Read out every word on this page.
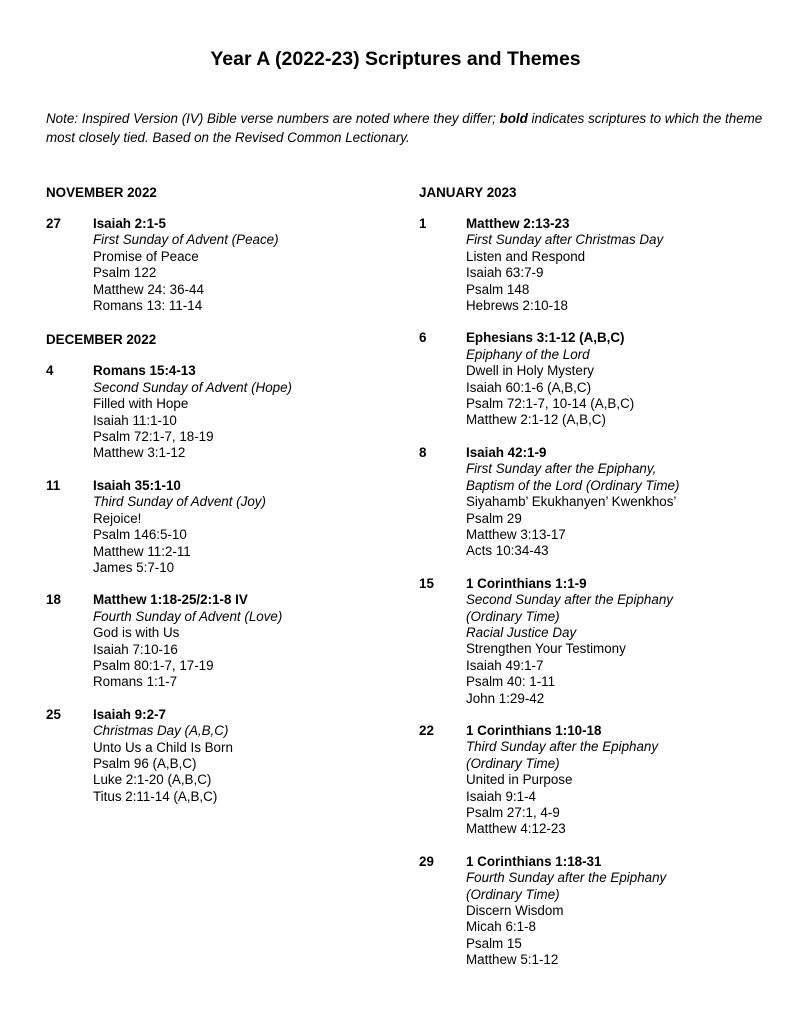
Year A (2022-23) Scriptures and Themes
Note: Inspired Version (IV) Bible verse numbers are noted where they differ; bold indicates scriptures to which the theme most closely tied. Based on the Revised Common Lectionary.
NOVEMBER 2022
27	Isaiah 2:1-5
First Sunday of Advent (Peace)
Promise of Peace
Psalm 122
Matthew 24: 36-44
Romans 13: 11-14
DECEMBER 2022
4	Romans 15:4-13
Second Sunday of Advent (Hope)
Filled with Hope
Isaiah 11:1-10
Psalm 72:1-7, 18-19
Matthew 3:1-12
11	Isaiah 35:1-10
Third Sunday of Advent (Joy)
Rejoice!
Psalm 146:5-10
Matthew 11:2-11
James 5:7-10
18	Matthew 1:18-25/2:1-8 IV
Fourth Sunday of Advent (Love)
God is with Us
Isaiah 7:10-16
Psalm 80:1-7, 17-19
Romans 1:1-7
25	Isaiah 9:2-7
Christmas Day (A,B,C)
Unto Us a Child Is Born
Psalm 96 (A,B,C)
Luke 2:1-20 (A,B,C)
Titus 2:11-14 (A,B,C)
JANUARY 2023
1	Matthew 2:13-23
First Sunday after Christmas Day
Listen and Respond
Isaiah 63:7-9
Psalm 148
Hebrews 2:10-18
6	Ephesians 3:1-12 (A,B,C)
Epiphany of the Lord
Dwell in Holy Mystery
Isaiah 60:1-6 (A,B,C)
Psalm 72:1-7, 10-14 (A,B,C)
Matthew 2:1-12 (A,B,C)
8	Isaiah 42:1-9
First Sunday after the Epiphany,
Baptism of the Lord (Ordinary Time)
Siyahamb’ Ekukhanyen’ Kwenkhos’
Psalm 29
Matthew 3:13-17
Acts 10:34-43
15	1 Corinthians 1:1-9
Second Sunday after the Epiphany
(Ordinary Time)
Racial Justice Day
Strengthen Your Testimony
Isaiah 49:1-7
Psalm 40: 1-11
John 1:29-42
22	1 Corinthians 1:10-18
Third Sunday after the Epiphany
(Ordinary Time)
United in Purpose
Isaiah 9:1-4
Psalm 27:1, 4-9
Matthew 4:12-23
29	1 Corinthians 1:18-31
Fourth Sunday after the Epiphany
(Ordinary Time)
Discern Wisdom
Micah 6:1-8
Psalm 15
Matthew 5:1-12
